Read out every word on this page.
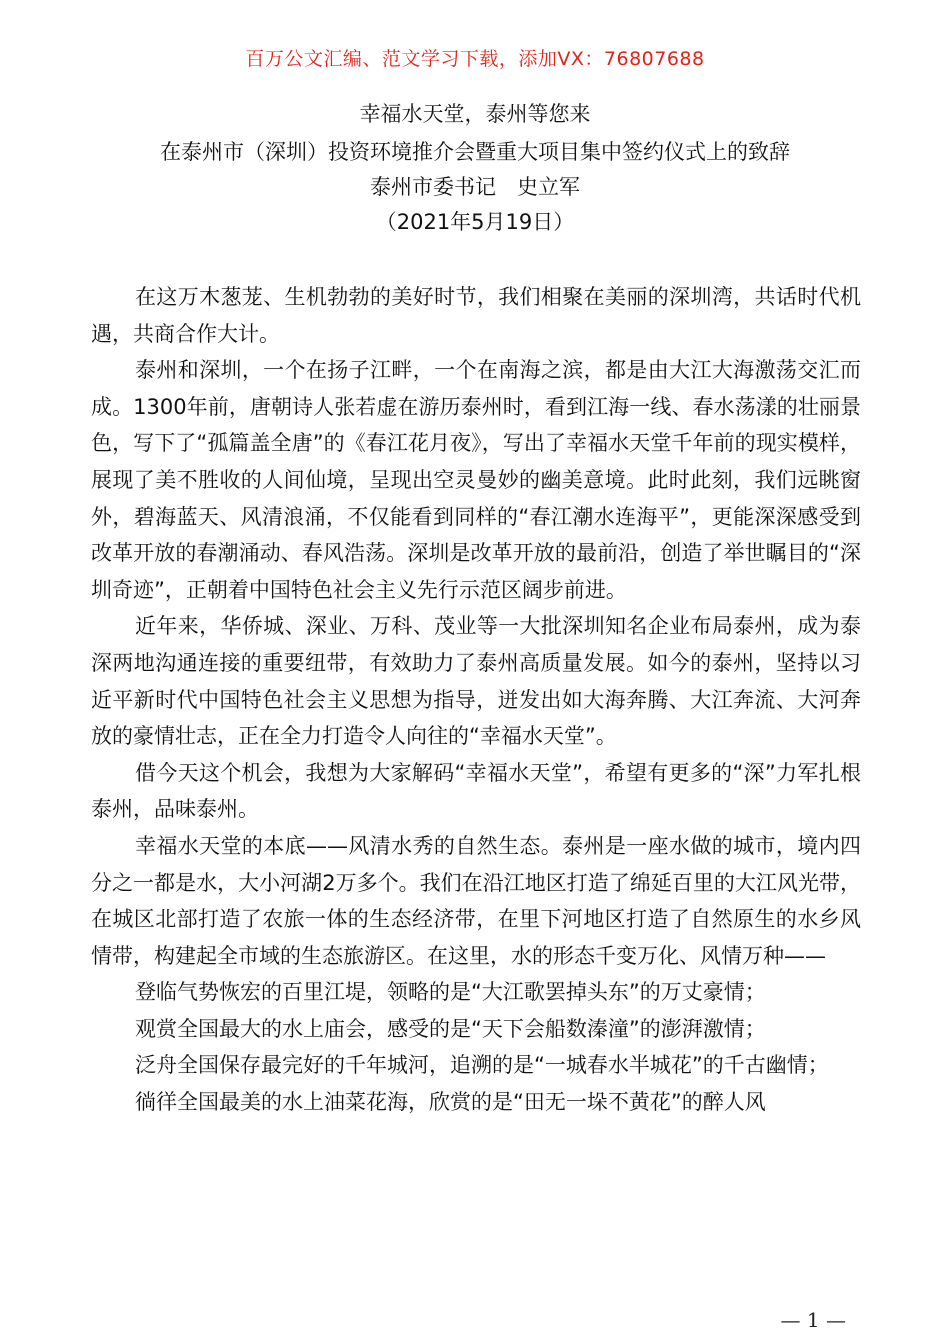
百万公文汇编、范文学习下载，添加VX：76807688
幸福水天堂，泰州等您来
在泰州市（深圳）投资环境推介会暨重大项目集中签约仪式上的致辞
泰州市委书记　史立军
（2021年5月19日）

在这万木葱茏、生机勃勃的美好时节，我们相聚在美丽的深圳湾，共话时代机遇，共商合作大计。

泰州和深圳，一个在扬子江畔，一个在南海之滨，都是由大江大海激荡交汇而成。1300年前，唐朝诗人张若虚在游历泰州时，看到江海一线、春水荡漾的壮丽景色，写下了“孤篇盖全唐”的《春江花月夜》，写出了幸福水天堂千年前的现实模样，展现了美不胜收的人间仙境，呈现出空灵曼妙的幽美意境。此时此刻，我们远眺窗外，碧海蓝天、风清浪涌，不仅能看到同样的“春江潮水连海平”，更能深深感受到改革开放的春潮涌动、春风浩荡。深圳是改革开放的最前沿，创造了举世瞩目的“深圳奇迹”，正朝着中国特色社会主义先行示范区阔步前进。

近年来，华侨城、深业、万科、茂业等一大批深圳知名企业布局泰州，成为泰深两地沟通连接的重要纽带，有效助力了泰州高质量发展。如今的泰州，坚持以习近平新时代中国特色社会主义思想为指导，迸发出如大海奔腾、大江奔流、大河奔放的豪情壮志，正在全力打造令人向往的“幸福水天堂”。

借今天这个机会，我想为大家解码“幸福水天堂”，希望有更多的“深”力军扎根泰州，品味泰州。

幸福水天堂的本底——风清水秀的自然生态。泰州是一座水做的城市，境内四分之一都是水，大小河湖2万多个。我们在沿江地区打造了绵延百里的大江风光带，在城区北部打造了农旅一体的生态经济带，在里下河地区打造了自然原生的水乡风情带，构建起全市域的生态旅游区。在这里，水的形态千变万化、风情万种——

登临气势恢宏的百里江堤，领略的是“大江歌罢掉头东”的万丈豪情；

观赏全国最大的水上庙会，感受的是“天下会船数溱潼”的澎湃激情；

泛舟全国保存最完好的千年城河，追溯的是“一城春水半城花”的千古幽情；

徜徉全国最美的水上油菜花海，欣赏的是“田无一垛不黄花”的醉人风

— 1 —
